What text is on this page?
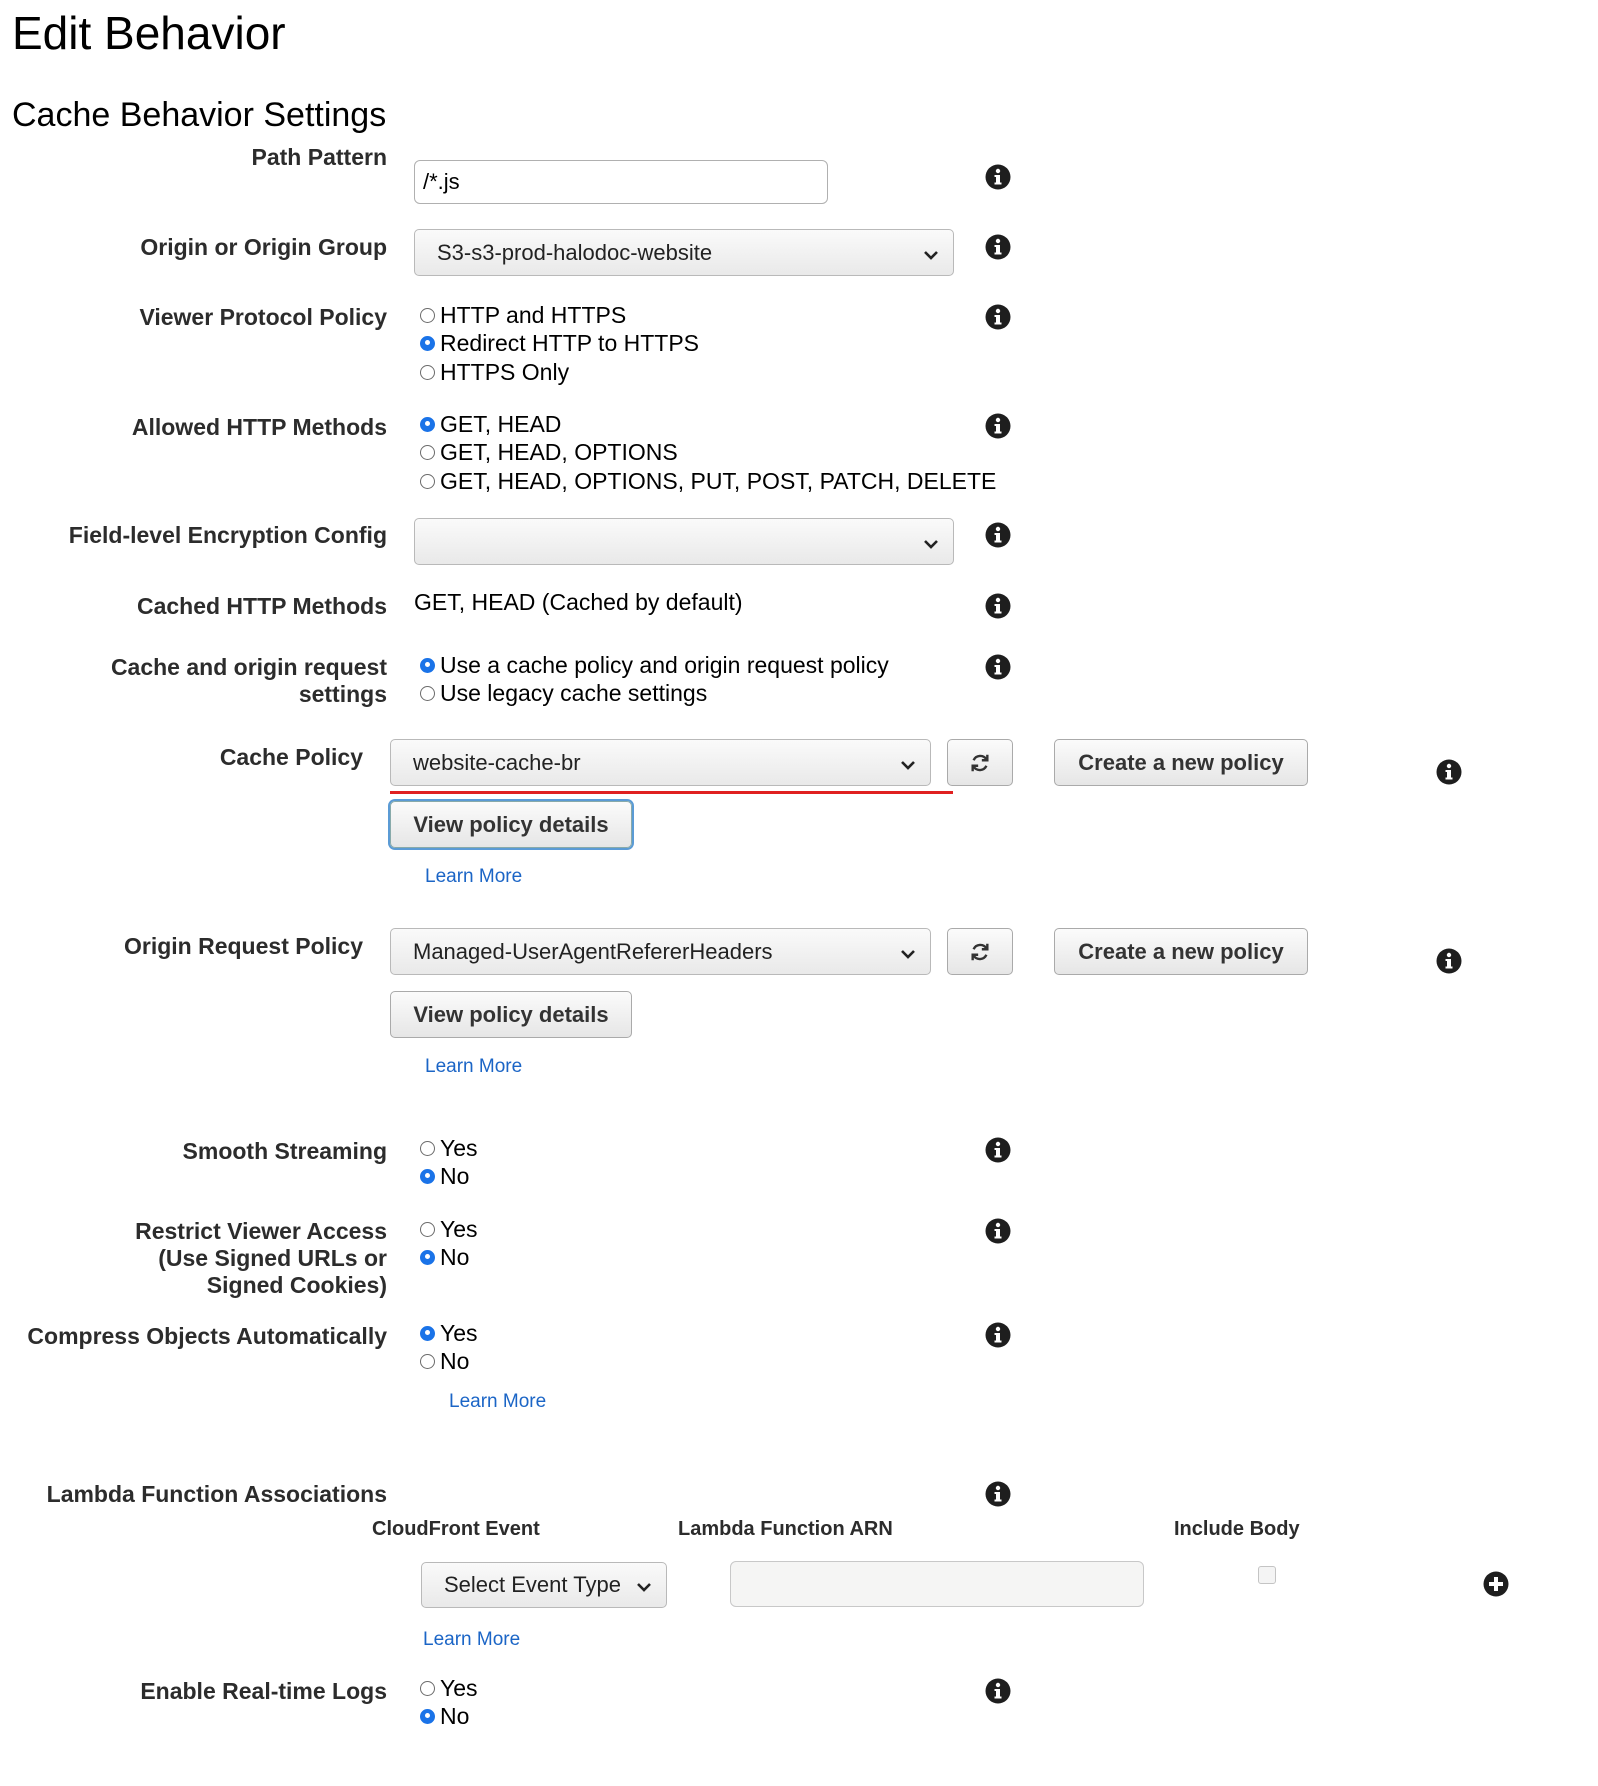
Edit Behavior
Cache Behavior Settings
Path Pattern
/*.js
Origin or Origin Group S3-s3-prod-halodoc-website
Viewer Protocol Policy HTTP and HTTPS
Redirect HTTP to HTTPS
HTTPS Only
Allowed HTTP Methods GET, HEAD
GET, HEAD, OPTIONS
GET, HEAD, OPTIONS, PUT, POST, PATCH, DELETE
Field-level Encryption Config
Cached HTTP Methods GET, HEAD (Cached by default)
Cache and origin request
settings
Use a cache policy and origin request policy
Use legacy cache settings
Cache Policy website-cache-br	Create a new policy
View policy details
Learn More
Origin Request Policy Managed-UserAgentRefererHeaders	Create a new policy
View policy details
Learn More
Smooth Streaming Yes
No
Restrict Viewer Access
(Use Signed URLs or
Signed Cookies)
Yes
No
Compress Objects Automatically Yes
No
Learn More
Lambda Function Associations
CloudFront Event	Lambda Function ARN	Include Body
Select Event Type
Learn More
Enable Real-time Logs Yes
No
